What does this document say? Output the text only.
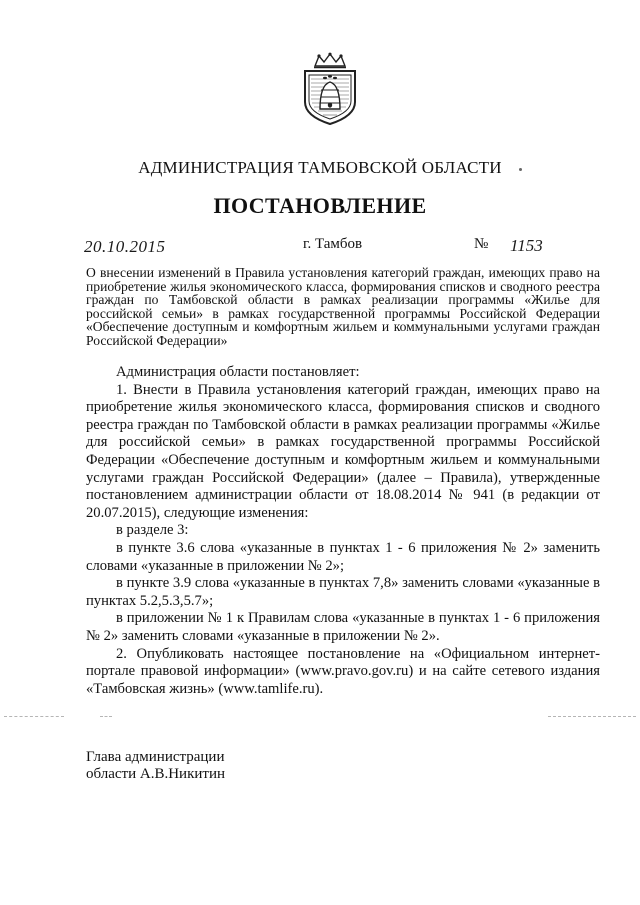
АДМИНИСТРАЦИЯ ТАМБОВСКОЙ ОБЛАСТИ
ПОСТАНОВЛЕНИЕ
20.10.2015	г. Тамбов	№ 1153
О внесении изменений в Правила установления категорий граждан, имеющих право на приобретение жилья экономического класса, формирования списков и сводного реестра граждан по Тамбовской области в рамках реализации программы «Жилье для российской семьи» в рамках государственной программы Российской Федерации «Обеспечение доступным и комфортным жильем и коммунальными услугами граждан Российской Федерации»

Администрация области постановляет:

1. Внести в Правила установления категорий граждан, имеющих право на приобретение жилья экономического класса, формирования списков и сводного реестра граждан по Тамбовской области в рамках реализации программы «Жилье для российской семьи» в рамках государственной программы Российской Федерации «Обеспечение доступным и комфортным жильем и коммунальными услугами граждан Российской Федерации» (далее – Правила), утвержденные постановлением администрации области от 18.08.2014 № 941 (в редакции от 20.07.2015), следующие изменения:

в разделе 3:

в пункте 3.6 слова «указанные в пунктах 1 - 6 приложения № 2» заменить словами «указанные в приложении № 2»;

в пункте 3.9 слова «указанные в пунктах 7,8» заменить словами «указанные в пунктах 5.2,5.3,5.7»;

в приложении № 1 к Правилам слова «указанные в пунктах 1 - 6 приложения № 2» заменить словами «указанные в приложении № 2».

2. Опубликовать настоящее постановление на «Официальном интернет-портале правовой информации» (www.pravo.gov.ru) и на сайте сетевого издания «Тамбовская жизнь» (www.tamlife.ru).

Глава администрации
области А.В.Никитин
